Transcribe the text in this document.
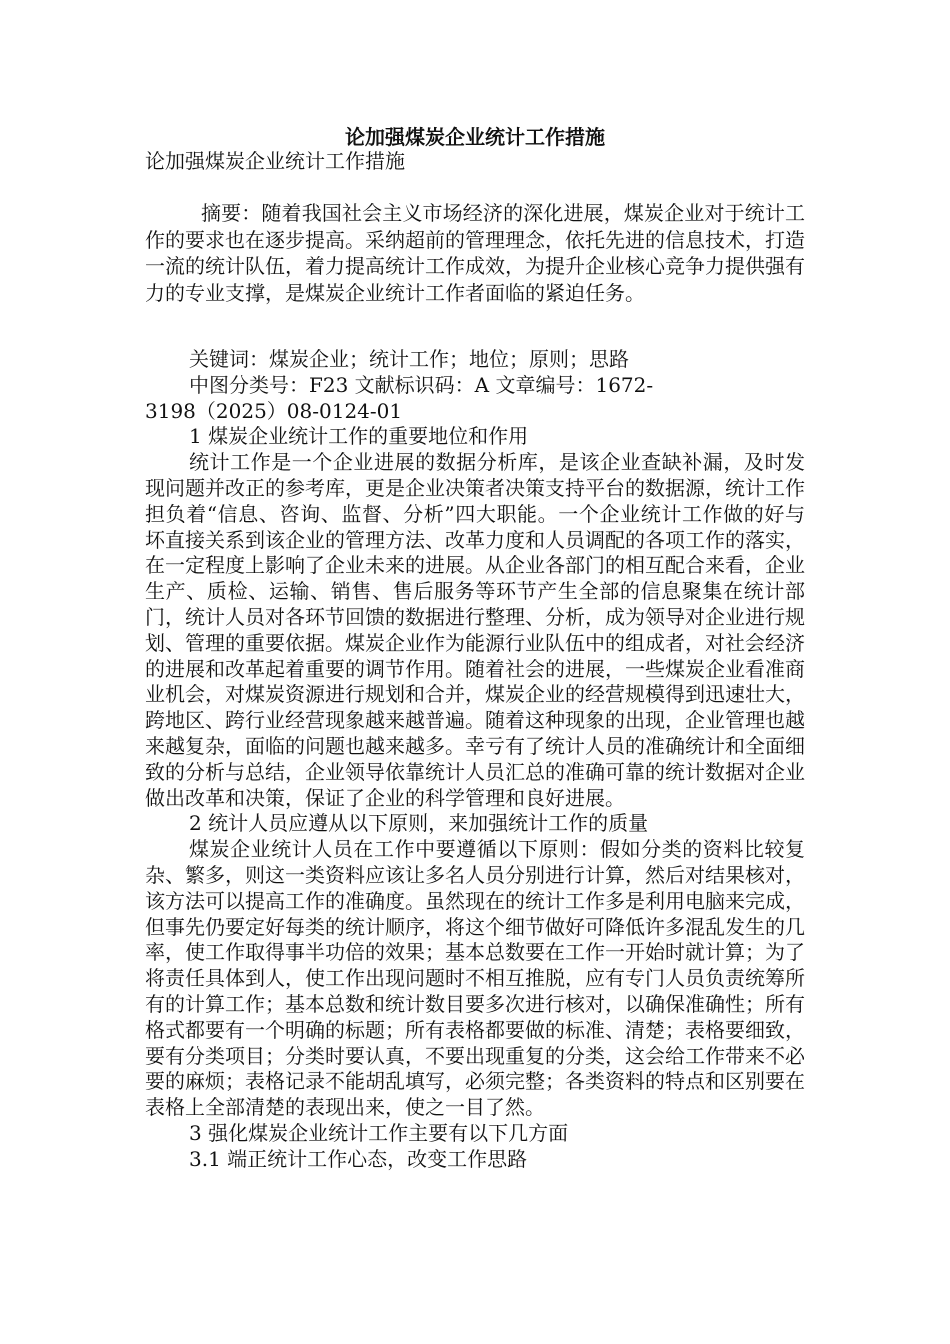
论加强煤炭企业统计工作措施
论加强煤炭企业统计工作措施

摘要：随着我国社会主义市场经济的深化进展，煤炭企业对于统计工作的要求也在逐步提高。采纳超前的管理理念，依托先进的信息技术，打造一流的统计队伍，着力提高统计工作成效，为提升企业核心竞争力提供强有力的专业支撑，是煤炭企业统计工作者面临的紧迫任务。

关键词：煤炭企业；统计工作；地位；原则；思路

中图分类号：F23 文献标识码：A 文章编号：1672-

3198（2025）08-0124-01

1 煤炭企业统计工作的重要地位和作用

统计工作是一个企业进展的数据分析库，是该企业查缺补漏，及时发现问题并改正的参考库，更是企业决策者决策支持平台的数据源，统计工作担负着“信息、咨询、监督、分析”四大职能。一个企业统计工作做的好与坏直接关系到该企业的管理方法、改革力度和人员调配的各项工作的落实，在一定程度上影响了企业未来的进展。从企业各部门的相互配合来看，企业生产、质检、运输、销售、售后服务等环节产生全部的信息聚集在统计部门，统计人员对各环节回馈的数据进行整理、分析，成为领导对企业进行规划、管理的重要依据。煤炭企业作为能源行业队伍中的组成者，对社会经济的进展和改革起着重要的调节作用。随着社会的进展，一些煤炭企业看准商业机会，对煤炭资源进行规划和合并，煤炭企业的经营规模得到迅速壮大，跨地区、跨行业经营现象越来越普遍。随着这种现象的出现，企业管理也越来越复杂，面临的问题也越来越多。幸亏有了统计人员的准确统计和全面细致的分析与总结，企业领导依靠统计人员汇总的准确可靠的统计数据对企业做出改革和决策，保证了企业的科学管理和良好进展。

2 统计人员应遵从以下原则，来加强统计工作的质量

煤炭企业统计人员在工作中要遵循以下原则：假如分类的资料比较复杂、繁多，则这一类资料应该让多名人员分别进行计算，然后对结果核对，该方法可以提高工作的准确度。虽然现在的统计工作多是利用电脑来完成，但事先仍要定好每类的统计顺序，将这个细节做好可降低许多混乱发生的几率，使工作取得事半功倍的效果；基本总数要在工作一开始时就计算；为了将责任具体到人，使工作出现问题时不相互推脱，应有专门人员负责统筹所有的计算工作；基本总数和统计数目要多次进行核对，以确保准确性；所有格式都要有一个明确的标题；所有表格都要做的标准、清楚；表格要细致，要有分类项目；分类时要认真，不要出现重复的分类，这会给工作带来不必要的麻烦；表格记录不能胡乱填写，必须完整；各类资料的特点和区别要在表格上全部清楚的表现出来，使之一目了然。

3 强化煤炭企业统计工作主要有以下几方面

3.1 端正统计工作心态，改变工作思路
